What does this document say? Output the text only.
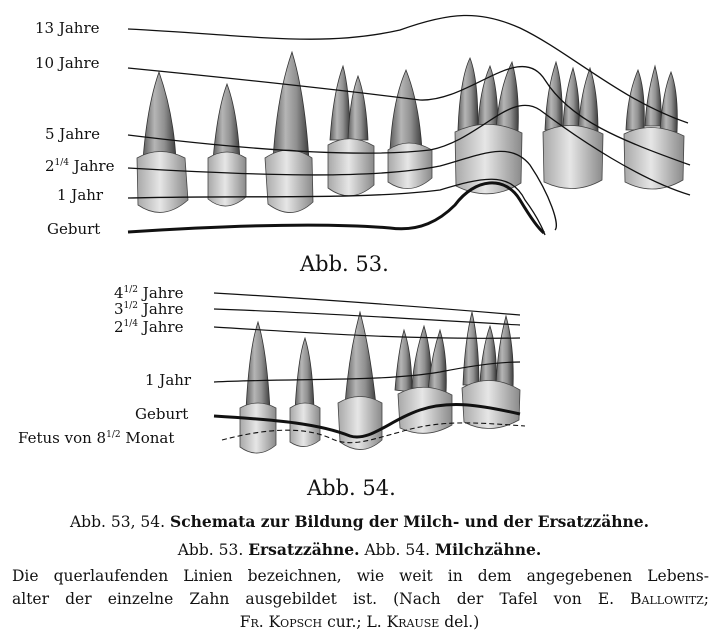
13 Jahre
10 Jahre
5 Jahre
$2^{1/4}$ Jahre
1 Jahr
Geburt
$4^{1/2}$ Jahre
$3^{1/2}$ Jahre
$2^{1/4}$ Jahre
1 Jahr
Geburt
Fetus von $8^{1/2}$ Monat
Abb. 53.
Abb. 54.
Abb. 53, 54. Schemata zur Bildung der Milch- und der Ersatzzähne.
Abb. 53. Ersatzzähne. Abb. 54. Milchzähne.
Die querlaufenden Linien bezeichnen, wie weit in dem angegebenen Lebens-
alter der einzelne Zahn ausgebildet ist. (Nach der Tafel von E. Ballowitz;
Fr. Kopsch cur.; L. Krause del.)
